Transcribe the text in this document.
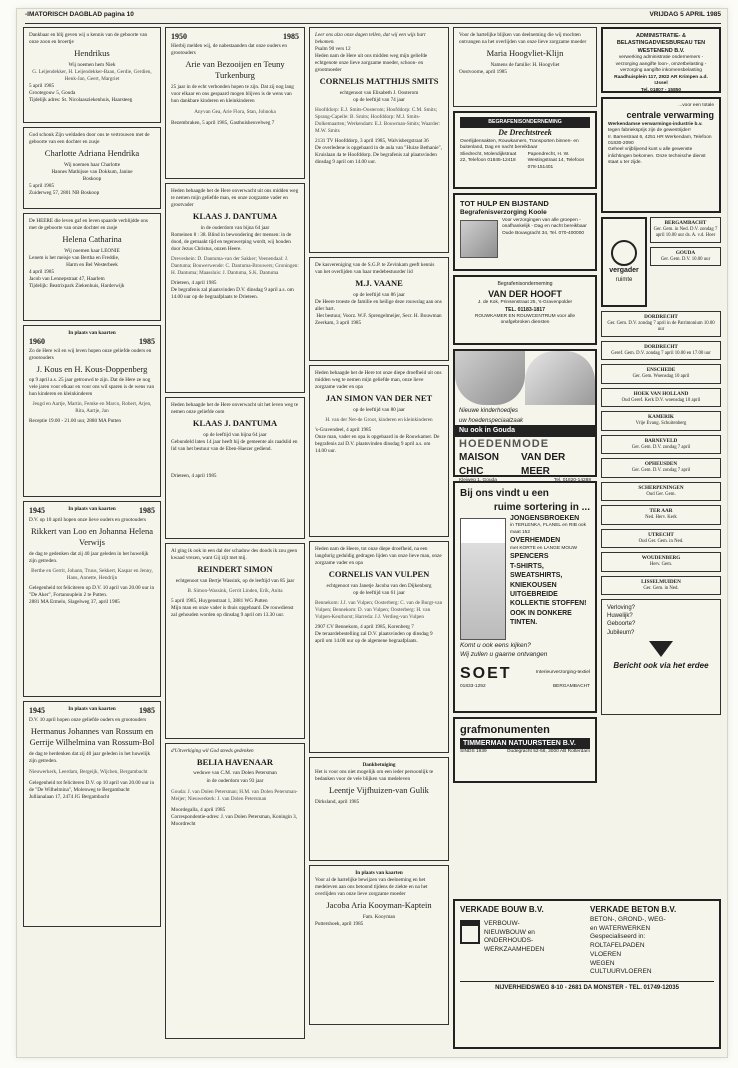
-IMATORISCH DAGBLAD pagina 10	VRIJDAG 5 APRIL 1985
Dankbaar en blij geven wij u kennis van de geboorte van onze zoon en broertje
Hendrikus
Wij noemen hem Niek
G. Leijendekker, H. Leijendekker-Baan, Gerdie, Gerdien, Henk-Jan, Geert, Margriet
5 april 1985
Grootegouw 5, Gouda
Tijdelijk adres: St. Nicolaasziekenhuis, Haarsteeg
God schonk Zijn weldaden door ons te vertrouwen met de geboorte van een dochter en zusje
Charlotte Adriana Hendrika
Wij noemen haar Charlotte
Hannes Mathijsse van Dokkum, Janine
Boskoop
5 april 1985
Zuiderweg 57, 2801 NB Boskoop
De HEERE die leven gaf en leven spaarde verblijdde ons met de geboorte van onze dochter en zusje
Helena Catharina
Wij noemen haar LEONIE
Lenem is het meisje van Bertha en Freddie,
Harm en Bel Westerbeek
4 april 1985
Jacob van Lennepstraat 47, Haarlem
Tijdelijk: Beatrixpark Ziekenhuis, Harderwijk
In plaats van kaarten
1960	1985
Zo de Here wil en wij leven hopen onze geliefde ouders en grootouders
J. Kous en H. Kous-Doppenberg
op 9 april a.s. 25 jaar getrouwd te zijn. Dat de Here ze nog vele jaren voor elkaar en voor ons wil sparen is de wens van hun kinderen en kleinkinderen
Jeugd en Aartje, Martin, Femke en Marco, Robert, Arjen, Rita, Aartje, Jan
Receptie 19.00 - 21.00 uur, 2880 MA Putten
1945	In plaats van kaarten	1985
D.V. op 10 april hopen onze lieve ouders en grootouders
Rikkert van Loo en Johanna Helena Verwijs
de dag te gedenken dat zij 40 jaar geleden in het huwelijk zijn getreden.
Berthe en Gerrit, Johann, Truus, Sekkert, Kaspar en Jenny, Hans, Annette, Hendrijn
Gelegenheid tot feliciteren op D.V. 10 april van 20.00 uur in "De Aker", Fortanouplein 2 te Putten.
2881 MA Ermelo, Slagelweg 37, april 1985
1945	In plaats van kaarten	1985
D.V. 10 april hopen onze geliefde ouders en grootouders
Hermanus Johannes van Rossum en Gerrije Wilhelmina van Rossum-Bol
de dag te herdenken dat zij 40 jaar geleden in het huwelijk zijn getreden.
Nieuwerkerk, Leerdam, Bergeijk, Wijchen, Bergambacht
Gelegenheid tot feliciteren D.V. op 10 april van 20.00 uur in de "De Wilhelmina", Molenweg te Bergambacht
Jullianalaan 17, 2474 JG Bergambacht
1950	1985
Hierbij melden wij, de nabestaanden dat onze ouders en grootouders
Arie van Bezooijen en Teuny Turkenburg
25 jaar in de echt verbonden hopen te zijn. Dat zij nog lang voor elkaar en ons gespaard mogen blijven is de wens van hun dankbare kinderen en kleinkinderen
Anyvan Gea, Arie Flora, Stan, Johnoka
Bezembraken, 5 april 1985, Gasthuisheuvelweg 7
Heden behaagde het de Here onverwacht uit ons midden weg te nemen mijn geliefde man, en onze zorgzame vader en grootvader
KLAAS J. DANTUMA
in de ouderdom van bijna 64 jaar
Romeinen 8 : 38. Blind in bewondering der mensen: in de dood, de gemaakt tijd en tegenwerping wordt, wij houden door Jezus Christus, onzen Heere.
Dreveshein: D. Dantuma-van der Sakker; Veenendaal: J. Dantuma; Bouwerwende: C. Dantuma-Brouwers; Groningen: H. Dantuma; Maassluis: J. Dantuma, S.K. Dantuma
Drieteen, 4 april 1985
De begrafenis zal plaatsvinden D.V. dinsdag 9 april a.s. om 14.00 uur op de begraafplaats te Drieteen.
Heden behaagde het de Here onverwacht uit het leven weg te nemen onze geliefde oom
KLAAS J. DANTUMA
op de leeftijd van bijna 64 jaar
Gebundeld laten 14 jaar heeft hij de gemeente als raadslid en lid van het bestuur van de Eben-Haezer gediend.
Drieteen, 4 april 1985
Al ging ik ook in een dal der schaduw des doods ik zou geen kwaad vrezen, want Gij zijt met mij.
REINDERT SIMON
echtgenoot van Bertje Wassink, op de leeftijd van 85 jaar
B. Simon-Wassink, Gerrit Linden, Erik, Anita
5 april 1985, Huygenstraat 1, 3881 WG Putten
Mijn man en onze vader is thuis opgebaard. De rouwdienst zal gehouden worden op dinsdag 9 april om 13.30 uur.
d'Uitverkiging wil God steeds gedenken
BELIA HAVENAAR
weduwe van C.M. van Dolen Petersman
in de ouderdom van 93 jaar
Gouda: J. van Dolen Petersman; H.M. van Dolen Petersman-Meijer; Nieuwerkerk: J. van Dolen Petersman
Moordegalla, 4 april 1985
Correspondentie-adres: J. van Dolen Petersman, Koningin 3, Moordrecht
Leer ons alzo onze dagen tellen, dat wij een wijs hart bekomen.
Psalm 90 vers 12
Heden nam de Here uit ons midden weg mijn geliefde echtgenote onze lieve zorgzame moeder, schoon- en grootmoeder
CORNELIS MATTHIJS SMITS
echtgenoot van Elisabeth J. Oosterom
op de leeftijd van 74 jaar
Hoofddorp: E.J. Smits-Oosterom; Hoofddorp: C.M. Smits; Sprang-Capelle: B. Smits; Hoofddorp: M.J. Smits-Dolkemaarten; Werkendam: E.J. Bouwman-Smits; Waarder: M.W. Smits
2131 TV Hoofddorp, 3 april 1985, Walvisbergstraat 36
De overledene is opgebaard in de aula van "Huize Bethanie", Kruislaan 4a te Hoofddorp. De begrafenis zal plaatsvinden dinsdag 9 april om 14.00 uur.
De kasvereniging van de S.G.P. te Zevinkam geeft kennis van het overlijden van haar medebestuurder lid
M.J. VAANE
op de leeftijd van 86 jaar
De Heere troeste de familie en heilige deze rouwslag aan ons aller hart.
Het bestuur, Voorz. W.F. Sprengelmeijer, Secr. H. Bouwman
Zeerkam, 3 april 1985
Heden behaagde het de Here tot onze diepe droefheid uit ons midden weg te nemen mijn geliefde man, onze lieve zorgzame vader en opa
JAN SIMON VAN DER NET
op de leeftijd van 80 jaar
H. van der Net-de Groot, kinderen en kleinkinderen
's-Gravendeel, 4 april 1985
Onze man, vader en opa is opgebaard in de Rouwkamer. De begrafenis zal D.V. plaatsvinden dinsdag 9 april a.s. om 14.00 uur.
Heden nam de Heere, tot onze diepe droefheid, na een langdurig geduldig gedragen lijden van onze lieve man, onze zorgzame vader en opa
CORNELIS VAN VULPEN
echtgenoot van Janetje Jacoba van den Dijkenborg
op de leeftijd van 61 jaar
Bennekom: J.J. van Vulpen; Oosterberg: C. van de Burgt-van Vulpen; Bennekom: D. van Vulpen; Oosterberg: H. van Vulpen-Keurhorst; Harreda: J.J. Verdieg-van Vulpen
2907 CV Bennekom, 4 april 1985, Korenberg 7
De teraardebestelling zal D.V. plaatsvinden op dinsdag 9 april om 14.00 uur op de algemene begraafplaats.
Dankbetuiging
Het is voor ons niet mogelijk om een ieder persoonlijk te bedanken voor de vele blijken van medeleven
Leentje Vijfhuizen-van Gulik
Dirksland, april 1985
In plaats van kaarten
Voor al de hartelijke bewijzen van deelneming en het medeleven aan ons betoond tijdens de ziekte en na het overlijden van onze lieve zorgzame moeder
Jacoba Aria Kooyman-Kaptein
Fam. Kooyman
Puttershoek, april 1985
Voor de hartelijke blijken van deelneming die wij mochten ontvangen na het overlijden van onze lieve zorgzame moeder
Maria Hoogvliet-Klijn
Namens de familie: H. Hoogvliet
Oostvoorne, april 1985
BEGRAFENISONDERNEMING
De Drechtstreek
Overlijdensakten, Rouwkamers, Transporten binnen- en buitenland, Dag en nacht bereikbaar
Sliedrecht, Molendijkstraat 22, Telefoon 01845-12418
Papendrecht, H. W. Westingstraat 14, Telefoon 078-151401
TOT HULP EN BIJSTAND
Begrafenisverzorging Koole
Voor verzorgingen van alle groepen - onafhankelijk - Dag en nacht bereikbaar
Oude Bouwgracht 34, Tel. 070-400000
Begrafenisonderneming
VAN DER HOOFT
J. de Kok, Prinsenstraat 25, 's-Gravenpolder
TEL. 01183-1817
ROUWKAMER EN ROUWCENTRUM voor alle onafgebroken diensten
Nieuwe kinderhoedjes
uw hoedenspeciaalzaak
Nu ook in Gouda
HOEDENMODE
MAISON CHIC
VAN DER MEER
Kleiweg 1, Gouda	Tel. 01820-14288
Bij ons vindt u een
ruime sortering in ...
JONGENSBROEKEN
in TERLENKA, FLANEL en RIB ook maat 152
OVERHEMDEN
met KORTE en LANGE MOUW
SPENCERS
T-SHIRTS, SWEATSHIRTS,
KNIEKOUSEN
UITGEBREIDE KOLLEKTIE STOFFEN! OOK IN DONKERE TINTEN.
Komt u ook eens kijken?
Wij zullen u gaarne ontvangen
SOET	Interieurverzorging-textiel
01833-1292	BERGAMBACHT
grafmonumenten
TIMMERMAN NATUURSTEEN B.V.
SINDS 1939	Oudegracht 52-56, 3000 AB Rotterdam
ADMINISTRATIE- & BELASTINGADVIESBUREAU TEN WESTENEND B.V.
verwerking administratie ondernemers - verzorging aangifte loon-, omzetbelasting - verzorging aangifte inkomensbelasting
Raadhuisplein 117, 2922 AR Krimpen a.d. IJssel
Tel. 01807 - 15850
...voor een totale
centrale verwarming
Werkendamse verwarmings-industrie b.v.
tegen fabrieksprijs zijn de gewestrijder!
Ir. Barnestraat 6, 4251 HR Werkendam, Telefoon 01830-2090
Geheel vrijblijvend kunt u alle gewenste inlichtingen bekomen. Onze technische dienst staat u ter zijde.
vergader
ruimte
BERGAMBACHT
Ger. Gem. in Ned. D.V. zondag 7 april 10.00 uur ds. A. v.d. Hoer
GOUDA
Ger. Gem. D.V. 10.00 uur
DORDRECHT
Ger. Gem. D.V. zondag 7 april in de Patrimonium 10.00 uur
DORDRECHT
Geref. Gem. D.V. zondag 7 april 10.00 en 17.00 uur
ENSCHEDE
Ger. Gem. Woensdag 10 april
HOEK VAN HOLLAND
Oud Geref. Kerk D.V. woensdag 10 april
KAMERIK
Vrije Evang. Schuitenberg
BARNEVELD
Ger. Gem. D.V. zondag 7 april
OPHEUSDEN
Ger. Gem. D.V. zondag 7 april
SCHERPENINGEN
Oud Ger. Gem.
TER AAR
Ned. Herv. Kerk
UTRECHT
Oud Ger. Gem. in Ned.
WOUDENBERG
Herv. Gem.
LISSELMUIDEN
Ger. Gem. in Ned.
Verloving?
Huwelijk?
Geboorte?
Jubileum?
Bericht ook via het erdee
VERKADE BOUW B.V.
VERBOUW-
NIEUWBOUW en
ONDERHOUDS-
WERKZAAMHEDEN
VERKADE BETON B.V.
BETON-, GROND-, WEG-
en WATERWERKEN
Gespecialiseerd in:
ROLTAFELPADEN
VLOEREN
WEGEN
CULTUURVLOEREN
NIJVERHEIDSWEG 8-10 - 2681 DA MONSTER - TEL. 01749-12035
